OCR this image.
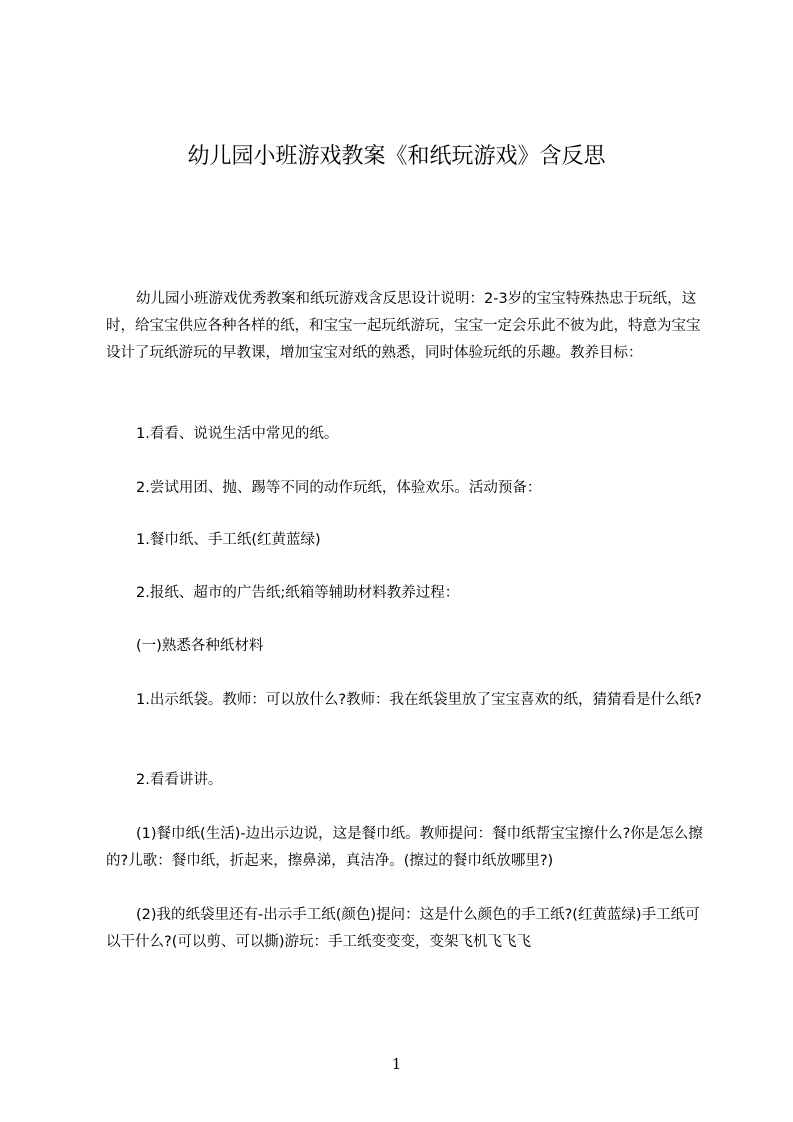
幼儿园小班游戏教案《和纸玩游戏》含反思

幼儿园小班游戏优秀教案和纸玩游戏含反思设计说明：2-3岁的宝宝特殊热忠于玩纸，这时，给宝宝供应各种各样的纸，和宝宝一起玩纸游玩，宝宝一定会乐此不彼为此，特意为宝宝设计了玩纸游玩的早教课，增加宝宝对纸的熟悉，同时体验玩纸的乐趣。教养目标：

1.看看、说说生活中常见的纸。

2.尝试用团、抛、踢等不同的动作玩纸，体验欢乐。活动预备：

1.餐巾纸、手工纸(红黄蓝绿)

2.报纸、超市的广告纸;纸箱等辅助材料教养过程：

(一)熟悉各种纸材料

1.出示纸袋。教师：可以放什么?教师：我在纸袋里放了宝宝喜欢的纸，猜猜看是什么纸?

2.看看讲讲。

(1)餐巾纸(生活)-边出示边说，这是餐巾纸。教师提问：餐巾纸帮宝宝擦什么?你是怎么擦的?儿歌：餐巾纸，折起来，擦鼻涕，真洁净。(擦过的餐巾纸放哪里?)

(2)我的纸袋里还有-出示手工纸(颜色)提问：这是什么颜色的手工纸?(红黄蓝绿)手工纸可以干什么?(可以剪、可以撕)游玩：手工纸变变变，变架飞机飞飞飞

1
